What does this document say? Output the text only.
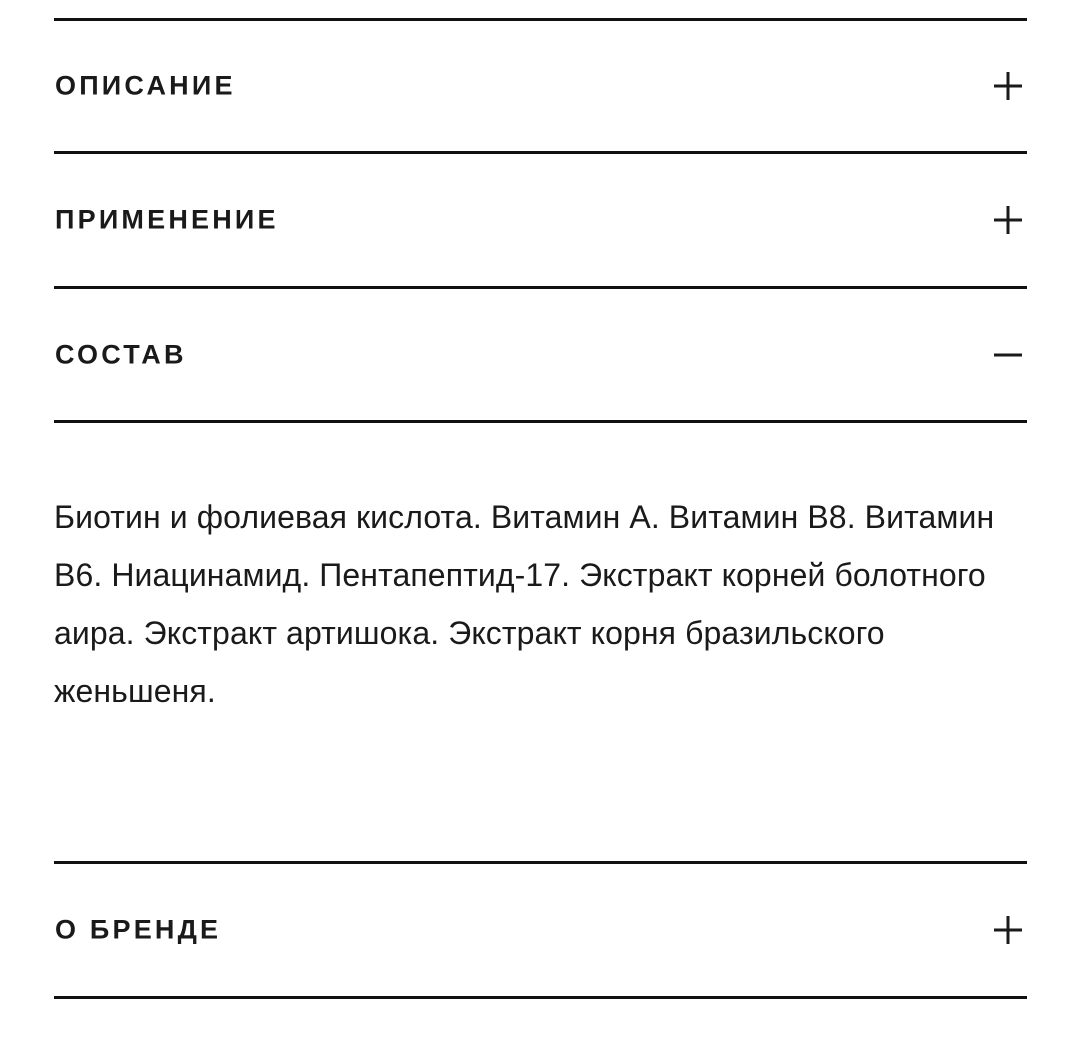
ОПИСАНИЕ
ПРИМЕНЕНИЕ
СОСТАВ
Биотин и фолиевая кислота. Витамин А. Витамин В8. Витамин В6. Ниацинамид. Пентапептид-17. Экстракт корней болотного аира. Экстракт артишока. Экстракт корня бразильского женьшеня.
О БРЕНДЕ
